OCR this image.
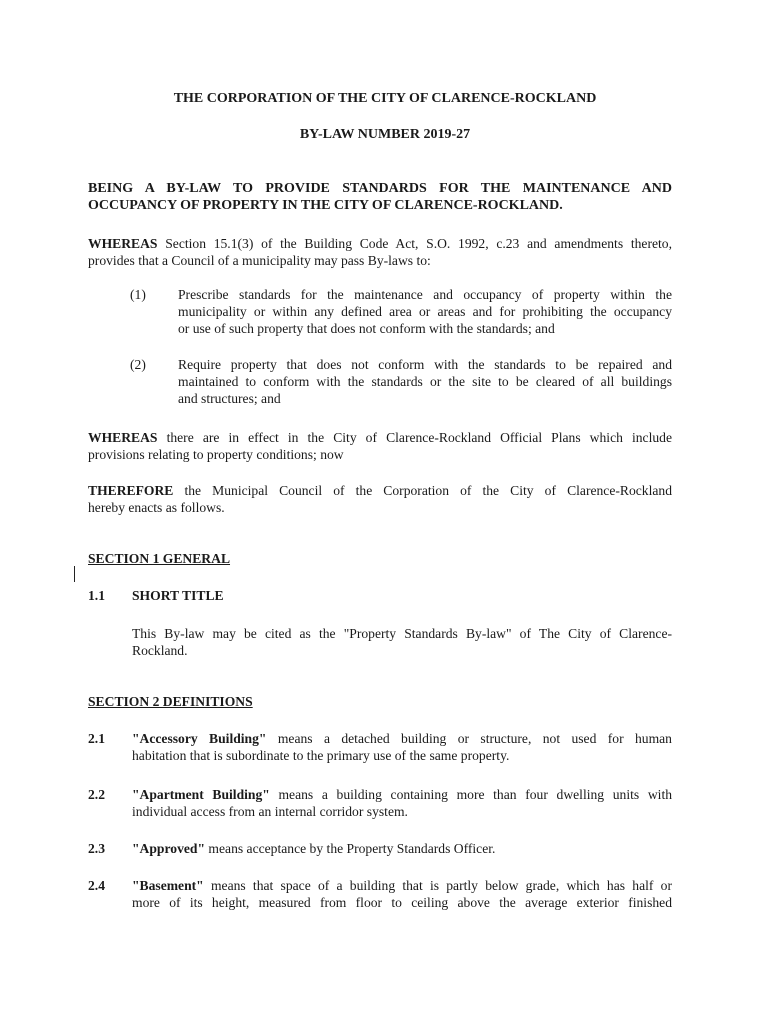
THE CORPORATION OF THE CITY OF CLARENCE-ROCKLAND
BY-LAW NUMBER 2019-27
BEING A BY-LAW TO PROVIDE STANDARDS FOR THE MAINTENANCE AND
OCCUPANCY OF PROPERTY IN THE CITY OF CLARENCE-ROCKLAND.
WHEREAS Section 15.1(3) of the Building Code Act, S.O. 1992, c.23 and amendments thereto,
provides that a Council of a municipality may pass By-laws to:
(1) Prescribe standards for the maintenance and occupancy of property within the
municipality or within any defined area or areas and for prohibiting the occupancy
or use of such property that does not conform with the standards; and
(2) Require property that does not conform with the standards to be repaired and
maintained to conform with the standards or the site to be cleared of all buildings
and structures; and
WHEREAS there are in effect in the City of Clarence-Rockland Official Plans which include
provisions relating to property conditions; now
THEREFORE the Municipal Council of the Corporation of the City of Clarence-Rockland
hereby enacts as follows.
SECTION 1 GENERAL
1.1 SHORT TITLE
This By-law may be cited as the "Property Standards By-law" of The City of Clarence-
Rockland.
SECTION 2 DEFINITIONS
2.1 "Accessory Building" means a detached building or structure, not used for human
habitation that is subordinate to the primary use of the same property.
2.2 "Apartment Building" means a building containing more than four dwelling units with
individual access from an internal corridor system.
2.3 "Approved" means acceptance by the Property Standards Officer.
2.4 "Basement" means that space of a building that is partly below grade, which has half or
more of its height, measured from floor to ceiling above the average exterior finished
